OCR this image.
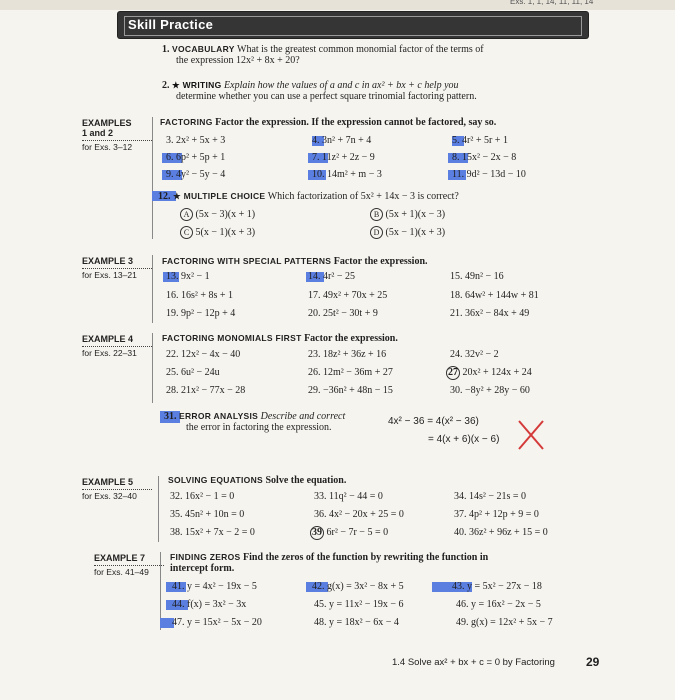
Exs. 1, 1, 14, 11, 11, 14
Skill Practice
1. VOCABULARY What is the greatest common monomial factor of the terms of
the expression 12x² + 8x + 20?
2. ★ WRITING Explain how the values of a and c in ax² + bx + c help you
determine whether you can use a perfect square trinomial factoring pattern.
EXAMPLES
1 and 2
for Exs. 3–12
FACTORING Factor the expression. If the expression cannot be factored, say so.
3. 2x² + 5x + 3	4. 3n² + 7n + 4	5. 4r² + 5r + 1
6. 6p² + 5p + 1	7. 11z² + 2z − 9	8. 15x² − 2x − 8
9. 4y² − 5y − 4	10. 14m² + m − 3	11. 9d² − 13d − 10
12. ★ MULTIPLE CHOICE Which factorization of 5x² + 14x − 3 is correct?
A (5x − 3)(x + 1)	B (5x + 1)(x − 3)
C 5(x − 1)(x + 3)	D (5x − 1)(x + 3)
EXAMPLE 3
for Exs. 13–21
FACTORING WITH SPECIAL PATTERNS Factor the expression.
13. 9x² − 1	14. 4r² − 25	15. 49n² − 16
16. 16s² + 8s + 1	17. 49x² + 70x + 25	18. 64w² + 144w + 81
19. 9p² − 12p + 4	20. 25t² − 30t + 9	21. 36x² − 84x + 49
EXAMPLE 4
for Exs. 22–31
FACTORING MONOMIALS FIRST Factor the expression.
22. 12x² − 4x − 40	23. 18z² + 36z + 16	24. 32v² − 2
25. 6u² − 24u	26. 12m² − 36m + 27	27 20x² + 124x + 24
28. 21x² − 77x − 28	29. −36n² + 48n − 15	30. −8y² + 28y − 60
31. ERROR ANALYSIS Describe and correct
the error in factoring the expression.
4x² − 36 = 4(x² − 36)
= 4(x + 6)(x − 6)
EXAMPLE 5
for Exs. 32–40
SOLVING EQUATIONS Solve the equation.
32. 16x² − 1 = 0	33. 11q² − 44 = 0	34. 14s² − 21s = 0
35. 45n² + 10n = 0	36. 4x² − 20x + 25 = 0	37. 4p² + 12p + 9 = 0
38. 15x² + 7x − 2 = 0	39 6r² − 7r − 5 = 0	40. 36z² + 96z + 15 = 0
EXAMPLE 7
for Exs. 41–49
FINDING ZEROS Find the zeros of the function by rewriting the function in
intercept form.
41. y = 4x² − 19x − 5	42. g(x) = 3x² − 8x + 5	43. y = 5x² − 27x − 18
44. f(x) = 3x² − 3x	45. y = 11x² − 19x − 6	46. y = 16x² − 2x − 5
47. y = 15x² − 5x − 20	48. y = 18x² − 6x − 4	49. g(x) = 12x² + 5x − 7
1.4 Solve ax² + bx + c = 0 by Factoring	29
